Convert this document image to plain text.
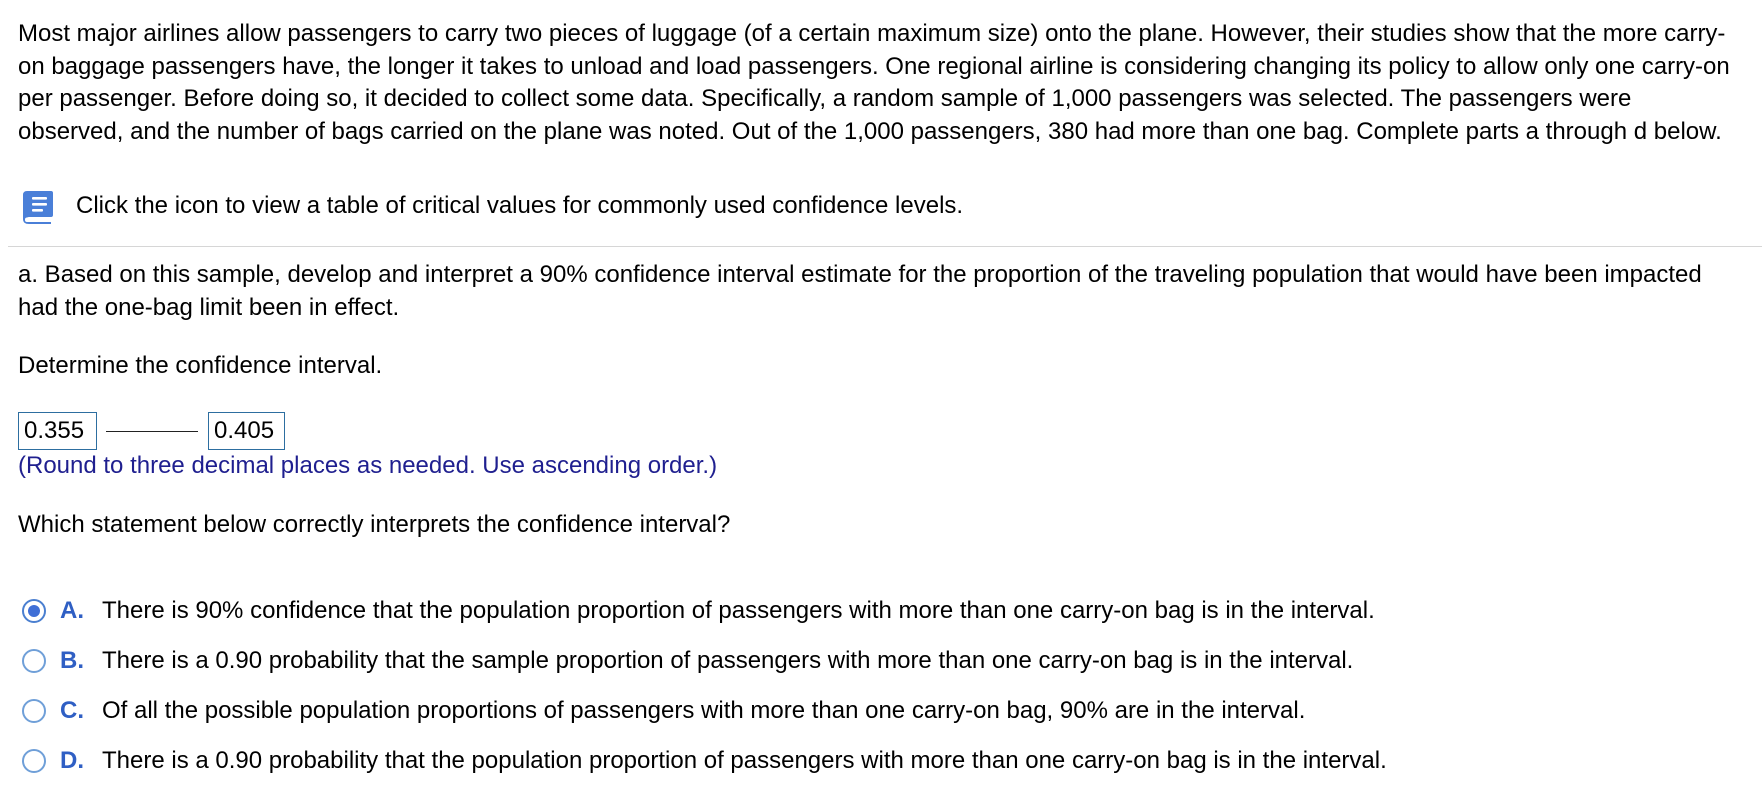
Most major airlines allow passengers to carry two pieces of luggage (of a certain maximum size) onto the plane. However, their studies show that the more carry-on baggage passengers have, the longer it takes to unload and load passengers. One regional airline is considering changing its policy to allow only one carry-on per passenger. Before doing so, it decided to collect some data. Specifically, a random sample of 1,000 passengers was selected. The passengers were observed, and the number of bags carried on the plane was noted. Out of the 1,000 passengers, 380 had more than one bag. Complete parts a through d below.

Click the icon to view a table of critical values for commonly used confidence levels.

a. Based on this sample, develop and interpret a 90% confidence interval estimate for the proportion of the traveling population that would have been impacted had the one-bag limit been in effect.

Determine the confidence interval.

0.355	0.405

(Round to three decimal places as needed. Use ascending order.)

Which statement below correctly interprets the confidence interval?

A. There is 90% confidence that the population proportion of passengers with more than one carry-on bag is in the interval.
B. There is a 0.90 probability that the sample proportion of passengers with more than one carry-on bag is in the interval.
C. Of all the possible population proportions of passengers with more than one carry-on bag, 90% are in the interval.
D. There is a 0.90 probability that the population proportion of passengers with more than one carry-on bag is in the interval.
